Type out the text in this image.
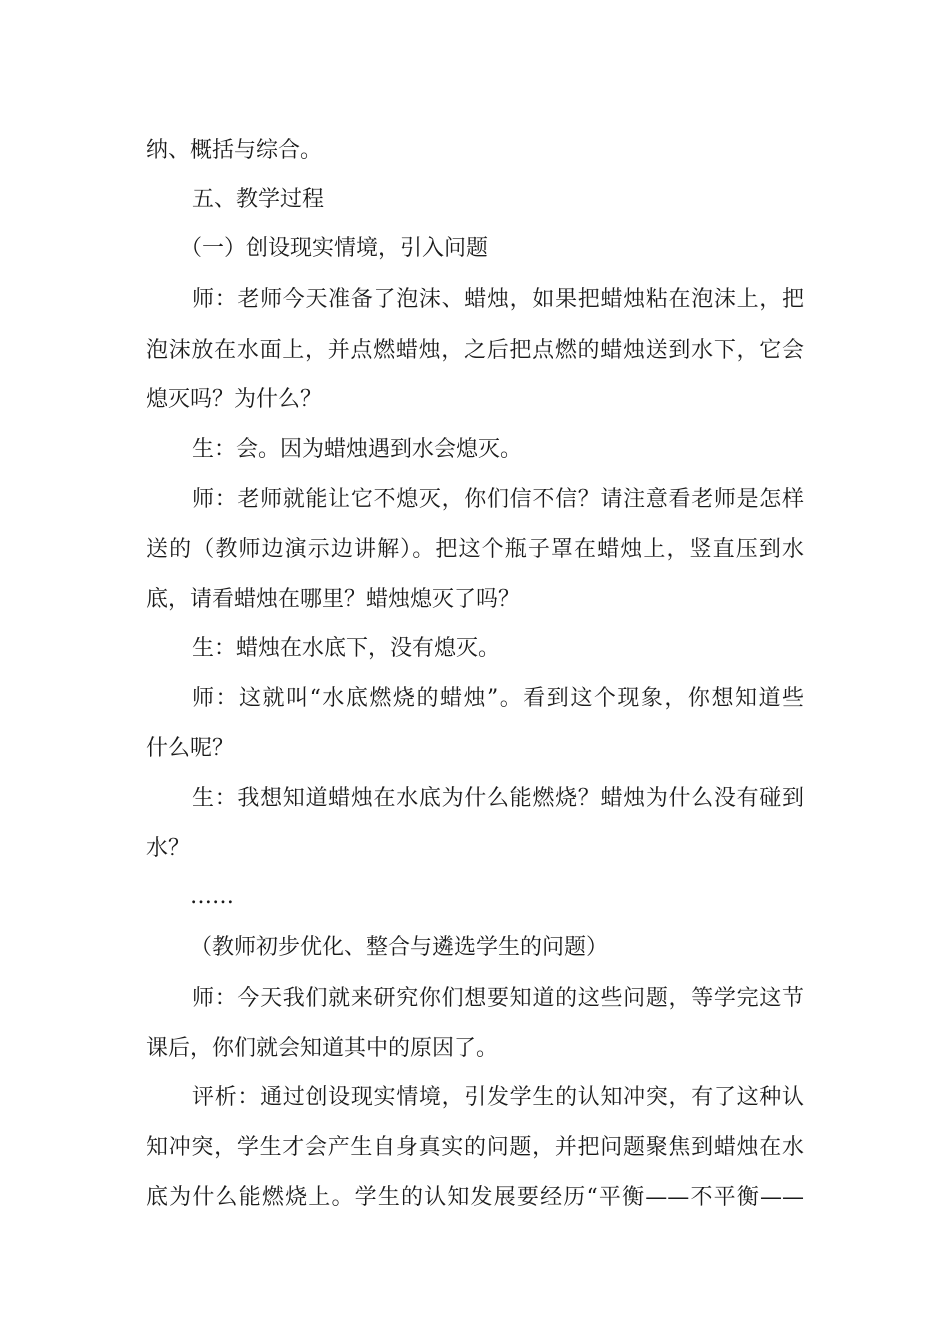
纳、概括与综合。

五、教学过程

（一）创设现实情境，引入问题

师：老师今天准备了泡沫、蜡烛，如果把蜡烛粘在泡沫上，把

泡沫放在水面上，并点燃蜡烛，之后把点燃的蜡烛送到水下，它会

熄灭吗？为什么？

生：会。因为蜡烛遇到水会熄灭。

师：老师就能让它不熄灭，你们信不信？请注意看老师是怎样

送的（教师边演示边讲解）。把这个瓶子罩在蜡烛上，竖直压到水

底，请看蜡烛在哪里？蜡烛熄灭了吗？

生：蜡烛在水底下，没有熄灭。

师：这就叫“水底燃烧的蜡烛”。看到这个现象，你想知道些

什么呢？

生：我想知道蜡烛在水底为什么能燃烧？蜡烛为什么没有碰到

水？

……

（教师初步优化、整合与遴选学生的问题）

师：今天我们就来研究你们想要知道的这些问题，等学完这节

课后，你们就会知道其中的原因了。

评析：通过创设现实情境，引发学生的认知冲突，有了这种认

知冲突，学生才会产生自身真实的问题，并把问题聚焦到蜡烛在水

底为什么能燃烧上。学生的认知发展要经历“平衡——不平衡——
